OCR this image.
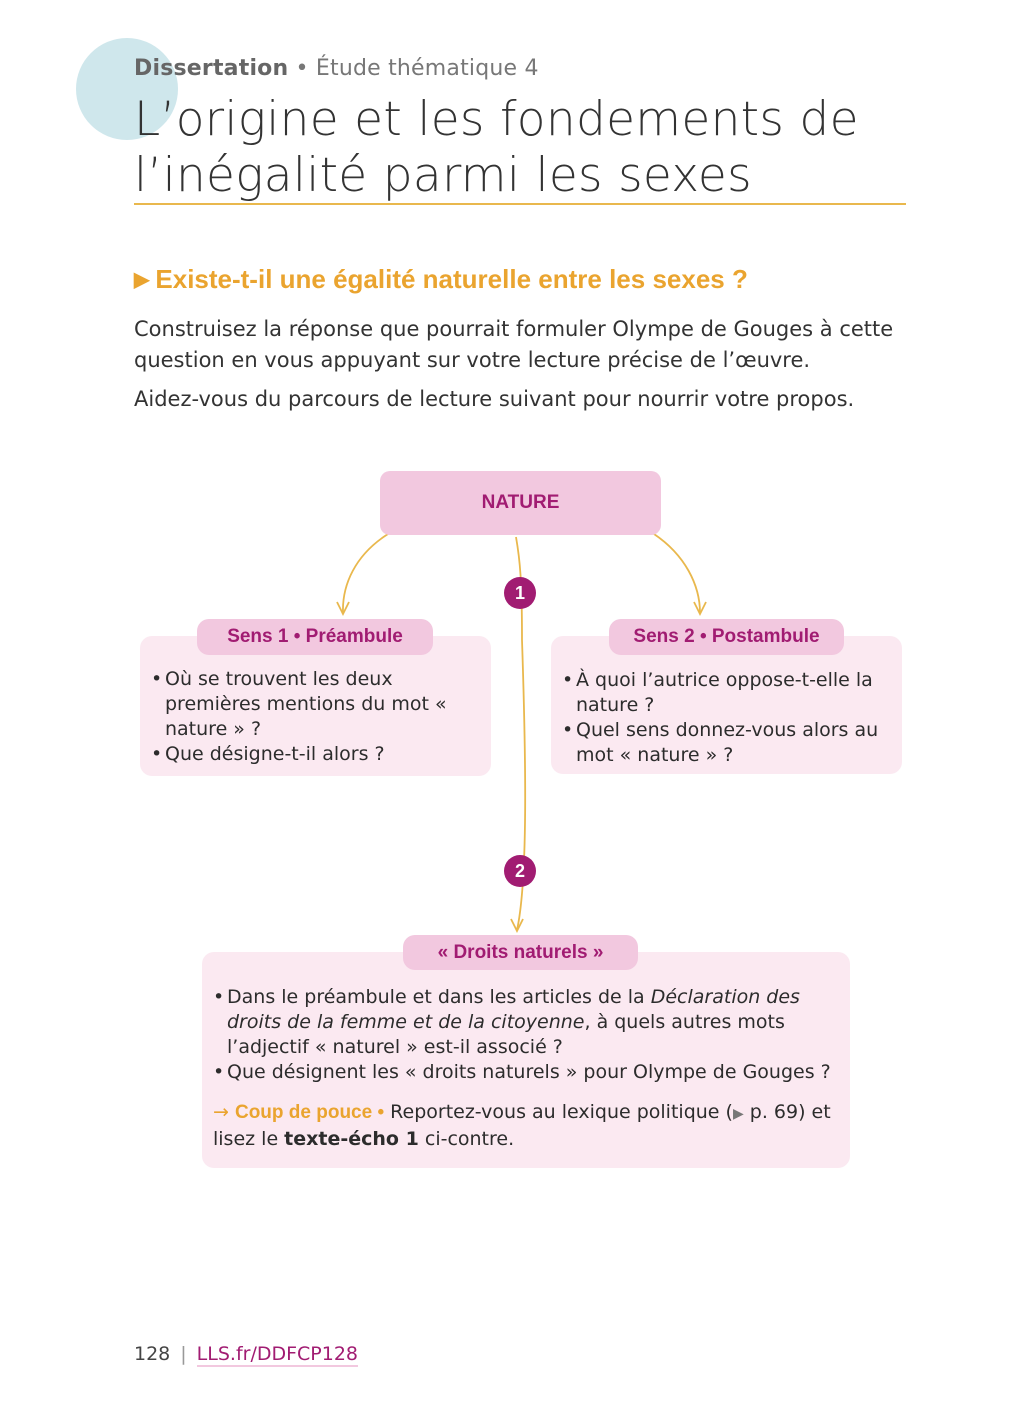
Dissertation • Étude thématique 4
L’origine et les fondements de
l’inégalité parmi les sexes
▶ Existe-t-il une égalité naturelle entre les sexes ?

Construisez la réponse que pourrait formuler Olympe de Gouges à cette question en vous appuyant sur votre lecture précise de l’œuvre.

Aidez-vous du parcours de lecture suivant pour nourrir votre propos.

NATURE
1
2
• Où se trouvent les deux premières mentions du mot « nature » ?
• Que désigne-t-il alors ?
Sens 1 • Préambule
• À quoi l’autrice oppose-t-elle la nature ?
• Quel sens donnez-vous alors au mot « nature » ?
Sens 2 • Postambule
• Dans le préambule et dans les articles de la Déclaration des droits de la femme et de la citoyenne, à quels autres mots l’adjectif « naturel » est-il associé ?
• Que désignent les « droits naturels » pour Olympe de Gouges ?
→ Coup de pouce • Reportez-vous au lexique politique (▶ p. 69) et lisez le texte-écho 1 ci-contre.
« Droits naturels »
128 | LLS.fr/DDFCP128
